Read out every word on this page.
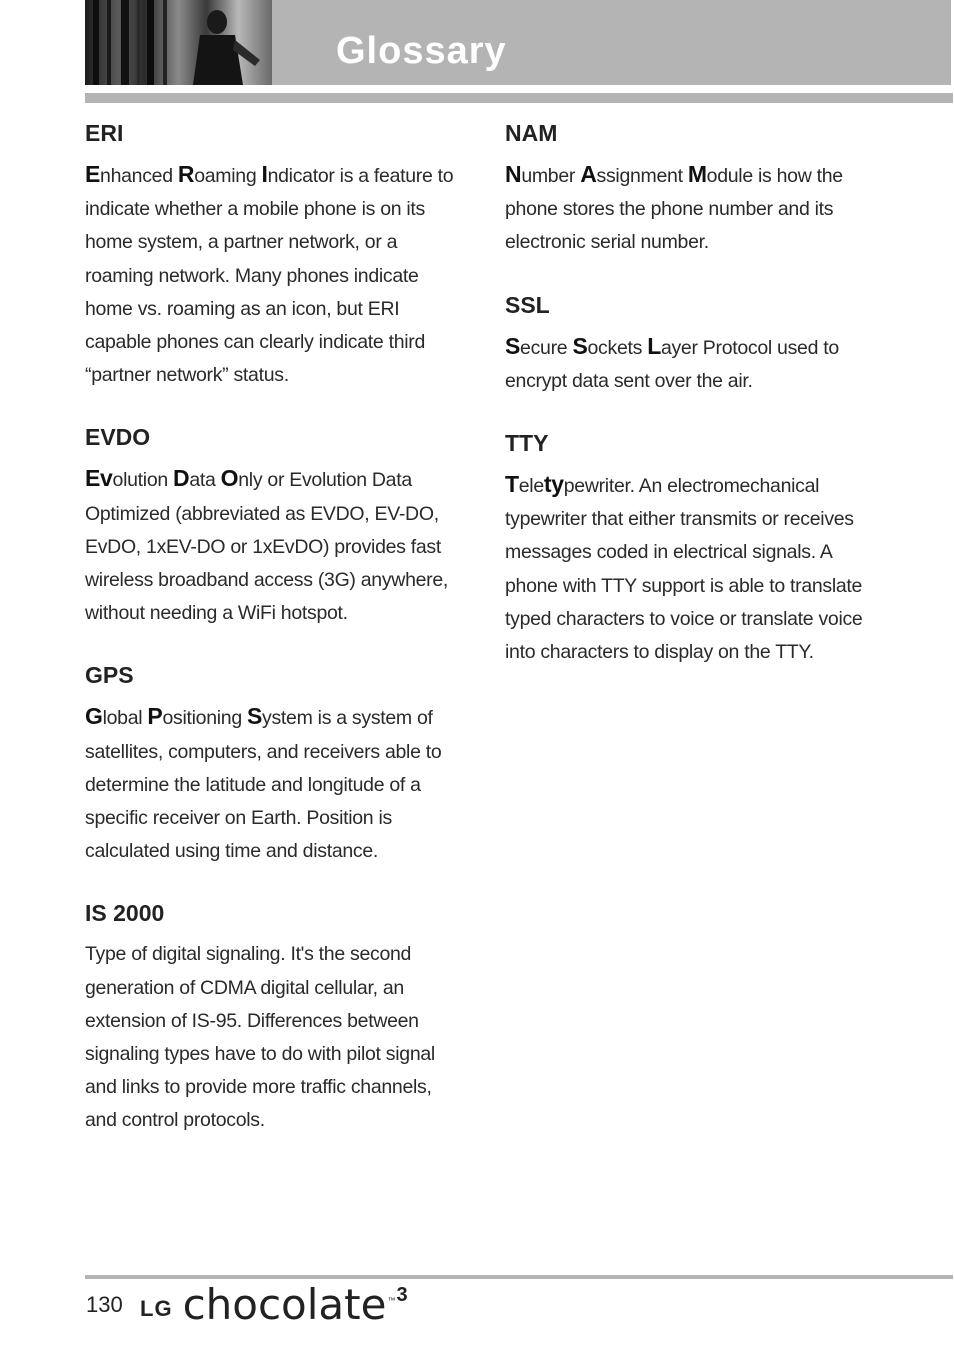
Glossary
ERI

Enhanced Roaming Indicator is a feature to indicate whether a mobile phone is on its home system, a partner network, or a roaming network. Many phones indicate home vs. roaming as an icon, but ERI capable phones can clearly indicate third “partner network” status.

EVDO

Evolution Data Only or Evolution Data Optimized (abbreviated as EVDO, EV-DO, EvDO, 1xEV-DO or 1xEvDO) provides fast wireless broadband access (3G) anywhere, without needing a WiFi hotspot.

GPS

Global Positioning System is a system of satellites, computers, and receivers able to determine the latitude and longitude of a specific receiver on Earth. Position is calculated using time and distance.

IS 2000

Type of digital signaling. It's the second generation of CDMA digital cellular, an extension of IS-95. Differences between signaling types have to do with pilot signal and links to provide more traffic channels, and control protocols.

NAM

Number Assignment Module is how the phone stores the phone number and its electronic serial number.

SSL

Secure Sockets Layer Protocol used to encrypt data sent over the air.

TTY

Teletypewriter. An electromechanical typewriter that either transmits or receives messages coded in electrical signals. A phone with TTY support is able to translate typed characters to voice or translate voice into characters to display on the TTY.

130 LG chocolate ™ 3
